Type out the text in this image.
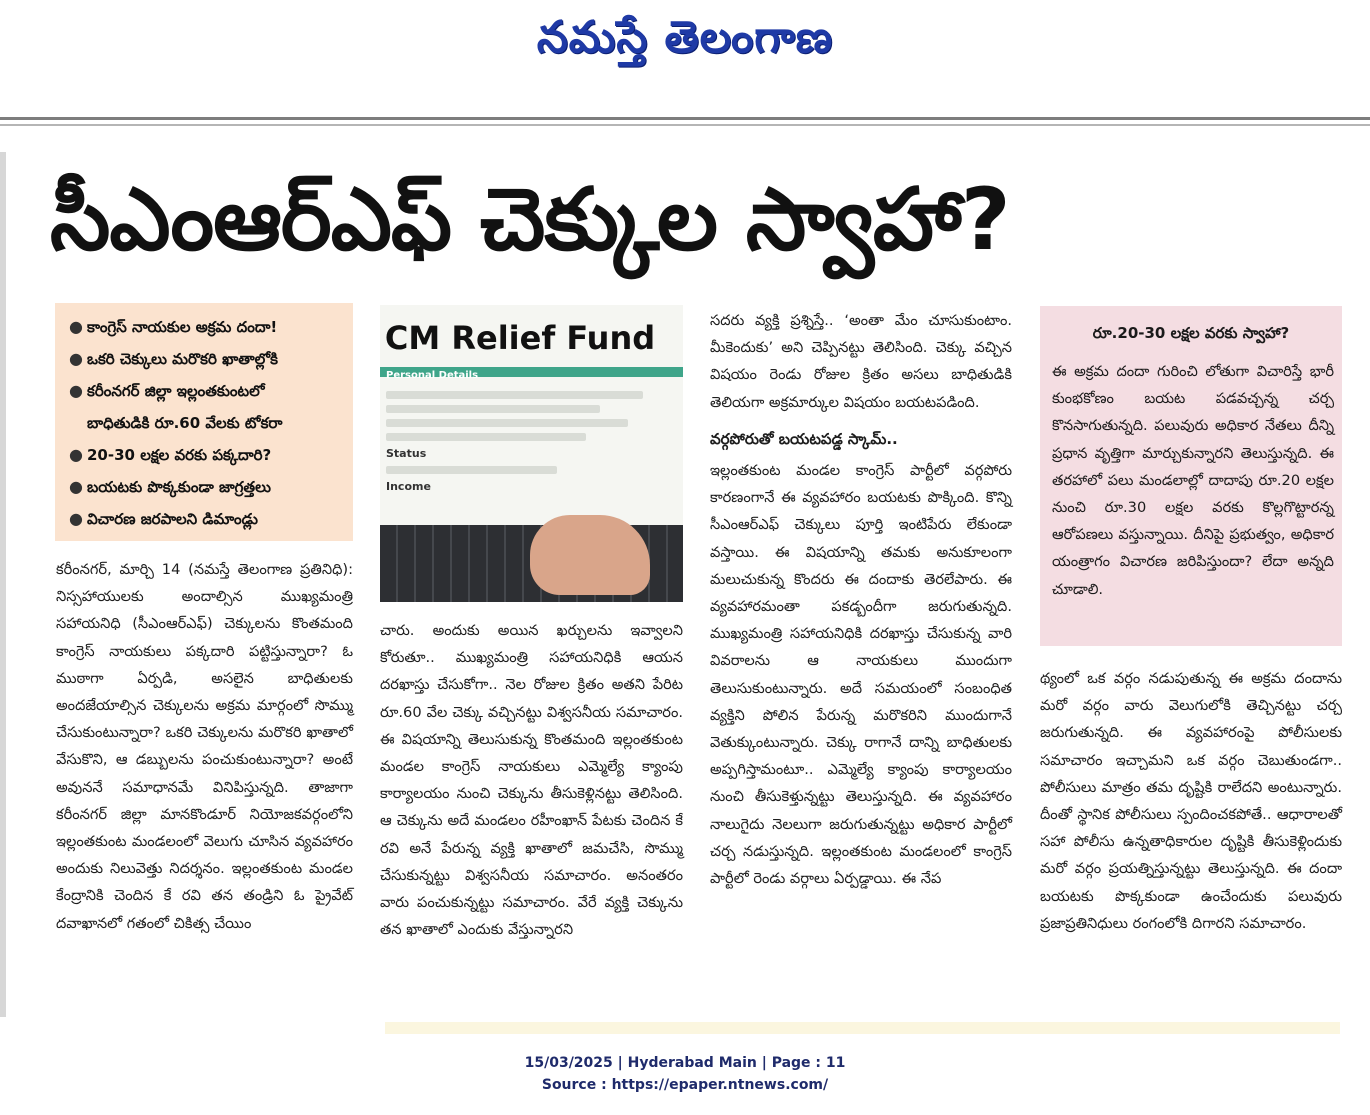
నమస్తే తెలంగాణ
సీఎంఆర్‌ఎఫ్‌ చెక్కుల స్వాహా?
● కాంగ్రెస్‌ నాయకుల అక్రమ దందా!
● ఒకరి చెక్కులు మరొకరి ఖాతాల్లోకి
● కరీంనగర్‌ జిల్లా ఇల్లంతకుంటలో
బాధితుడికి రూ.60 వేలకు టోకరా
● 20-30 లక్షల వరకు పక్కదారి?
● బయటకు పొక్కకుండా జాగ్రత్తలు
● విచారణ జరపాలని డిమాండ్లు
CM Relief Fund
Personal Details
Status
Income

కరీంనగర్‌, మార్చి 14 (నమస్తే తెలంగాణ ప్రతినిధి): నిస్సహాయులకు అందాల్సిన ముఖ్యమంత్రి సహాయనిధి (సీఎంఆర్‌ఎఫ్‌) చెక్కులను కొంతమంది కాంగ్రెస్‌ నాయకులు పక్కదారి పట్టిస్తున్నారా? ఓ ముఠాగా ఏర్పడి, అసలైన బాధితులకు అందజేయాల్సిన చెక్కులను అక్రమ మార్గంలో సొమ్ము చేసుకుంటున్నారా? ఒకరి చెక్కులను మరొకరి ఖాతాలో వేసుకొని, ఆ డబ్బులను పంచుకుంటున్నారా? అంటే అవుననే సమాధానమే వినిపిస్తున్నది. తాజాగా కరీంనగర్‌ జిల్లా మానకొండూర్‌ నియోజకవర్గంలోని ఇల్లంతకుంట మండలంలో వెలుగు చూసిన వ్యవహారం అందుకు నిలువెత్తు నిదర్శనం. ఇల్లంతకుంట మండల కేంద్రానికి చెందిన కే రవి తన తండ్రిని ఓ ప్రైవేట్‌ దవాఖానలో గతంలో చికిత్స చేయిం

చారు. అందుకు అయిన ఖర్చులను ఇవ్వాలని కోరుతూ.. ముఖ్యమంత్రి సహాయనిధికి ఆయన దరఖాస్తు చేసుకోగా.. నెల రోజుల క్రితం అతని పేరిట రూ.60 వేల చెక్కు వచ్చినట్టు విశ్వసనీయ సమాచారం. ఈ విషయాన్ని తెలుసుకున్న కొంతమంది ఇల్లంతకుంట మండల కాంగ్రెస్‌ నాయకులు ఎమ్మెల్యే క్యాంపు కార్యాలయం నుంచి చెక్కును తీసుకెళ్లినట్టు తెలిసింది. ఆ చెక్కును అదే మండలం రహీంఖాన్‌ పేటకు చెందిన కే రవి అనే పేరున్న వ్యక్తి ఖాతాలో జమచేసి, సొమ్ము చేసుకున్నట్టు విశ్వసనీయ సమాచారం. అనంతరం వారు పంచుకున్నట్టు సమాచారం. వేరే వ్యక్తి చెక్కును తన ఖాతాలో ఎందుకు వేస్తున్నారని

సదరు వ్యక్తి ప్రశ్నిస్తే.. ‘అంతా మేం చూసుకుంటాం. మీకెందుకు’ అని చెప్పినట్టు తెలిసింది. చెక్కు వచ్చిన విషయం రెండు రోజుల క్రితం అసలు బాధితుడికి తెలియగా అక్రమార్కుల విషయం బయటపడింది.

వర్గపోరుతో బయటపడ్డ స్కామ్‌..

ఇల్లంతకుంట మండల కాంగ్రెస్‌ పార్టీలో వర్గపోరు కారణంగానే ఈ వ్యవహారం బయటకు పొక్కింది. కొన్ని సీఎంఆర్‌ఎఫ్‌ చెక్కులు పూర్తి ఇంటిపేరు లేకుండా వస్తాయి. ఈ విషయాన్ని తమకు అనుకూలంగా మలుచుకున్న కొందరు ఈ దందాకు తెరలేపారు. ఈ వ్యవహారమంతా పకడ్బందీగా జరుగుతున్నది. ముఖ్యమంత్రి సహాయనిధికి దరఖాస్తు చేసుకున్న వారి వివరాలను ఆ నాయకులు ముందుగా తెలుసుకుంటున్నారు. అదే సమయంలో సంబంధిత వ్యక్తిని పోలిన పేరున్న మరొకరిని ముందుగానే వెతుక్కుంటున్నారు. చెక్కు రాగానే దాన్ని బాధితులకు అప్పగిస్తామంటూ.. ఎమ్మెల్యే క్యాంపు కార్యాలయం నుంచి తీసుకెళ్తున్నట్టు తెలుస్తున్నది. ఈ వ్యవహారం నాలుగైదు నెలలుగా జరుగుతున్నట్టు అధికార పార్టీలో చర్చ నడుస్తున్నది. ఇల్లంతకుంట మండలంలో కాంగ్రెస్‌ పార్టీలో రెండు వర్గాలు ఏర్పడ్డాయి. ఈ నేప

రూ.20-30 లక్షల వరకు స్వాహా?
ఈ అక్రమ దందా గురించి లోతుగా విచారిస్తే భారీ కుంభకోణం బయట పడవచ్చన్న చర్చ కొనసాగుతున్నది. పలువురు అధికార నేతలు దీన్ని ప్రధాన వృత్తిగా మార్చుకున్నారని తెలుస్తున్నది. ఈ తరహాలో పలు మండలాల్లో దాదాపు రూ.20 లక్షల నుంచి రూ.30 లక్షల వరకు కొల్లగొట్టారన్న ఆరోపణలు వస్తున్నాయి. దీనిపై ప్రభుత్వం, అధికార యంత్రాగం విచారణ జరిపిస్తుందా? లేదా అన్నది చూడాలి.

థ్యంలో ఒక వర్గం నడుపుతున్న ఈ అక్రమ దందాను మరో వర్గం వారు వెలుగులోకి తెచ్చినట్టు చర్చ జరుగుతున్నది. ఈ వ్యవహారంపై పోలీసులకు సమాచారం ఇచ్చామని ఒక వర్గం చెబుతుండగా.. పోలీసులు మాత్రం తమ దృష్టికి రాలేదని అంటున్నారు. దీంతో స్థానిక పోలీసులు స్పందించకపోతే.. ఆధారాలతో సహా పోలీసు ఉన్నతాధికారుల దృష్టికి తీసుకెళ్లిందుకు మరో వర్గం ప్రయత్నిస్తున్నట్టు తెలుస్తున్నది. ఈ దందా బయటకు పొక్కకుండా ఉంచేందుకు పలువురు ప్రజాప్రతినిధులు రంగంలోకి దిగారని సమాచారం.

15/03/2025 | Hyderabad Main | Page : 11
Source : https://epaper.ntnews.com/
